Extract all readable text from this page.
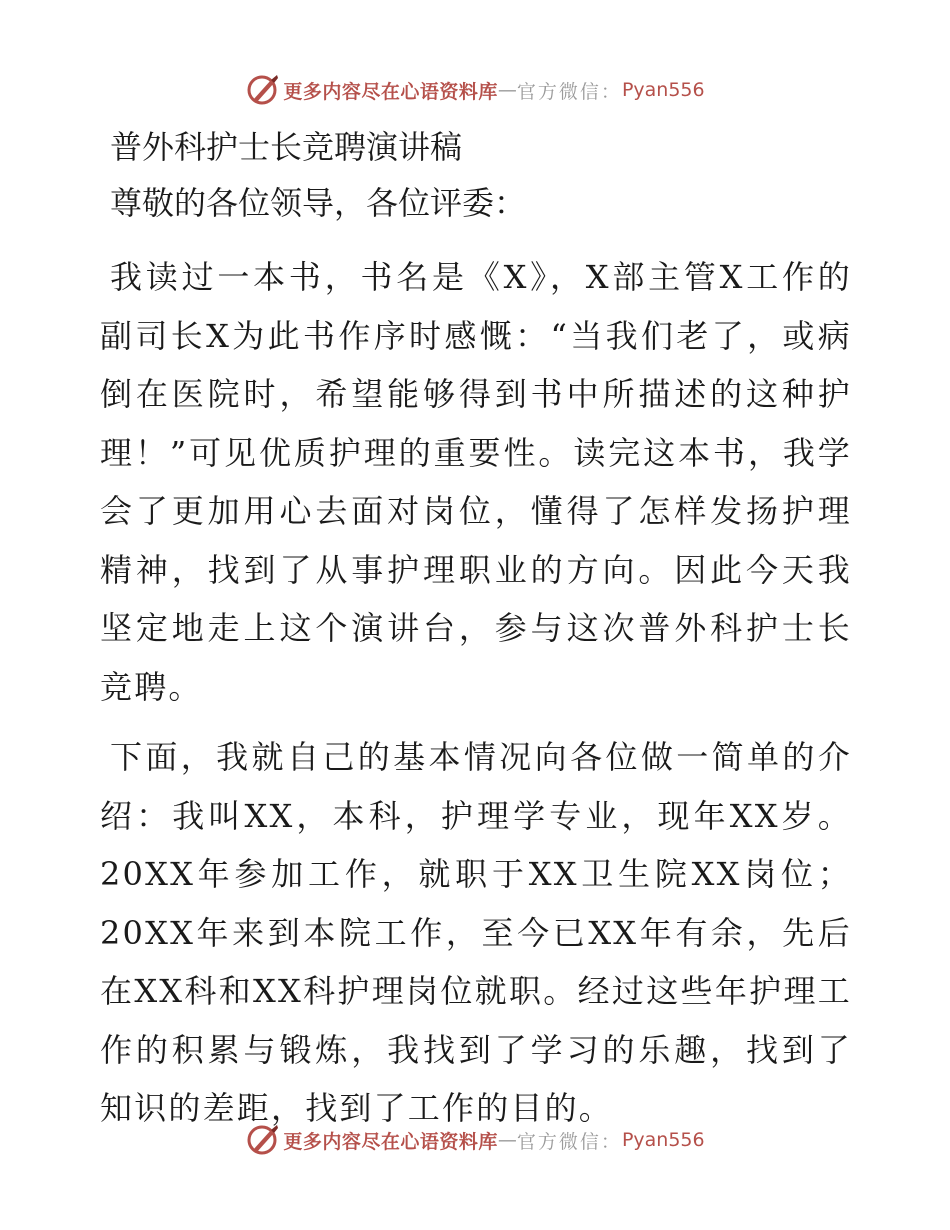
更多内容尽在心语资料库 — 官方微信： Pyan556

普外科护士长竞聘演讲稿

尊敬的各位领导，各位评委：

我读过一本书，书名是《X》，X部主管X工作的副司长X为此书作序时感慨：“当我们老了，或病倒在医院时，希望能够得到书中所描述的这种护理！”可见优质护理的重要性。读完这本书，我学会了更加用心去面对岗位，懂得了怎样发扬护理精神，找到了从事护理职业的方向。因此今天我坚定地走上这个演讲台，参与这次普外科护士长竞聘。

下面，我就自己的基本情况向各位做一简单的介绍：我叫XX，本科，护理学专业，现年XX岁。20XX年参加工作，就职于XX卫生院XX岗位；20XX年来到本院工作，至今已XX年有余，先后在XX科和XX科护理岗位就职。经过这些年护理工作的积累与锻炼，我找到了学习的乐趣，找到了知识的差距，找到了工作的目的。

更多内容尽在心语资料库 — 官方微信： Pyan556
